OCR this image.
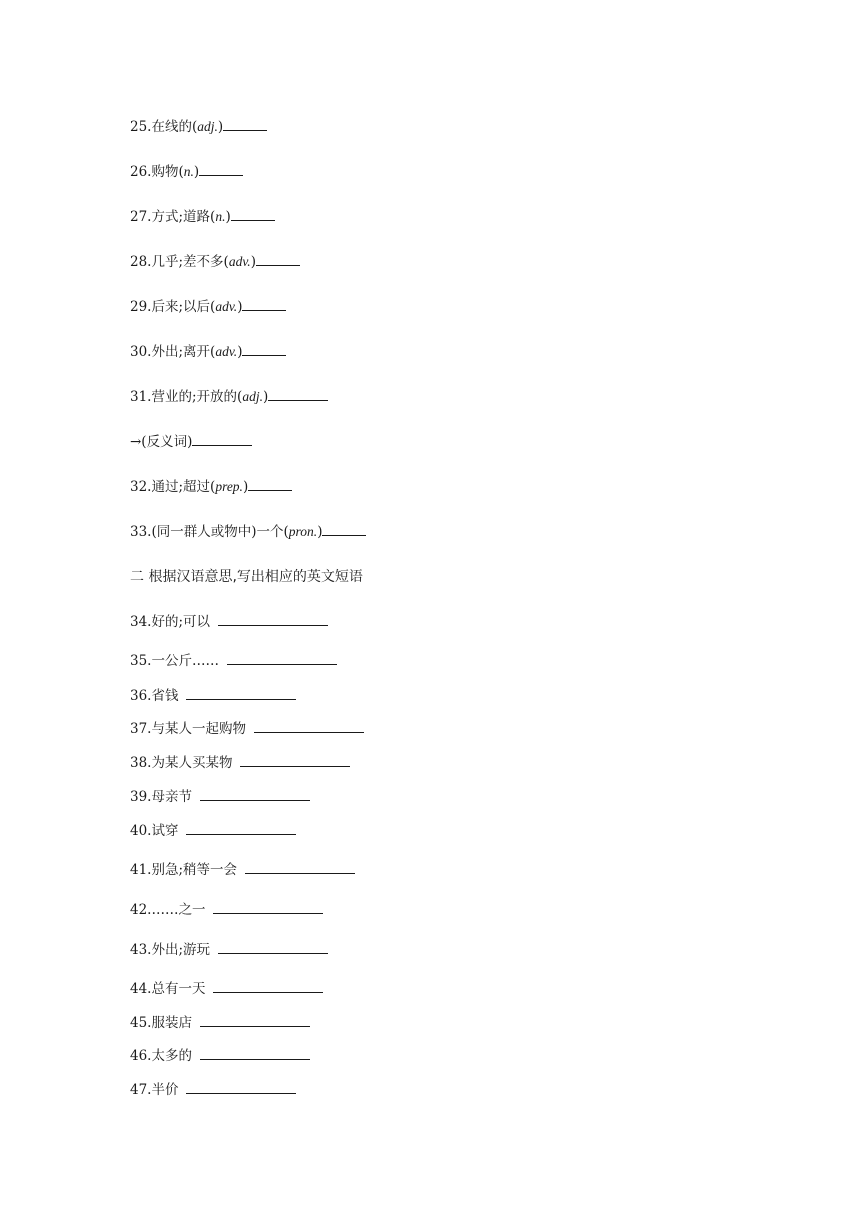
25.在线的(adj.)
26.购物(n.)
27.方式;道路(n.)
28.几乎;差不多(adv.)
29.后来;以后(adv.)
30.外出;离开(adv.)
31.营业的;开放的(adj.)
→(反义词)
32.通过;超过(prep.)
33.(同一群人或物中)一个(pron.)
二 根据汉语意思,写出相应的英文短语
34.好的;可以
35.一公斤……
36.省钱
37.与某人一起购物
38.为某人买某物
39.母亲节
40.试穿
41.别急;稍等一会
42.……之一
43.外出;游玩
44.总有一天
45.服装店
46.太多的
47.半价
